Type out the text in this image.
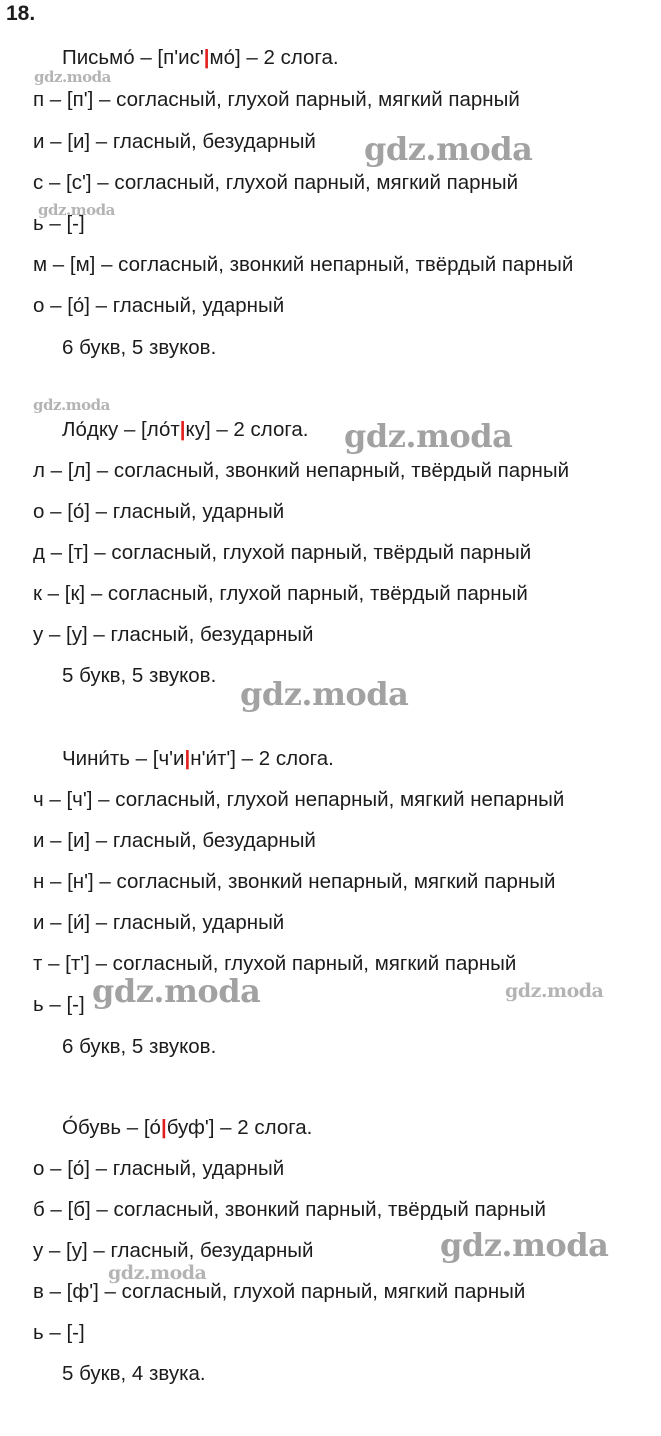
18.
Письмо́ – [п'ис'|мо́] – 2 слога.
п – [п'] – согласный, глухой парный, мягкий парный
и – [и] – гласный, безударный
с – [с'] – согласный, глухой парный, мягкий парный
ь – [-]
м – [м] – согласный, звонкий непарный, твёрдый парный
о – [о́] – гласный, ударный
6 букв, 5 звуков.
Ло́дку – [ло́т|ку] – 2 слога.
л – [л] – согласный, звонкий непарный, твёрдый парный
о – [о́] – гласный, ударный
д – [т] – согласный, глухой парный, твёрдый парный
к – [к] – согласный, глухой парный, твёрдый парный
у – [у] – гласный, безударный
5 букв, 5 звуков.
Чини́ть – [ч'и|н'и́т'] – 2 слога.
ч – [ч'] – согласный, глухой непарный, мягкий непарный
и – [и] – гласный, безударный
н – [н'] – согласный, звонкий непарный, мягкий парный
и – [и́] – гласный, ударный
т – [т'] – согласный, глухой парный, мягкий парный
ь – [-]
6 букв, 5 звуков.
О́бувь – [о́|буф'] – 2 слога.
о – [о́] – гласный, ударный
б – [б] – согласный, звонкий парный, твёрдый парный
у – [у] – гласный, безударный
в – [ф'] – согласный, глухой парный, мягкий парный
ь – [-]
5 букв, 4 звука.
gdz.moda
gdz.moda
gdz.moda
gdz.moda
gdz.moda
gdz.moda
gdz.moda	gdz.moda
gdz.moda
gdz.moda
